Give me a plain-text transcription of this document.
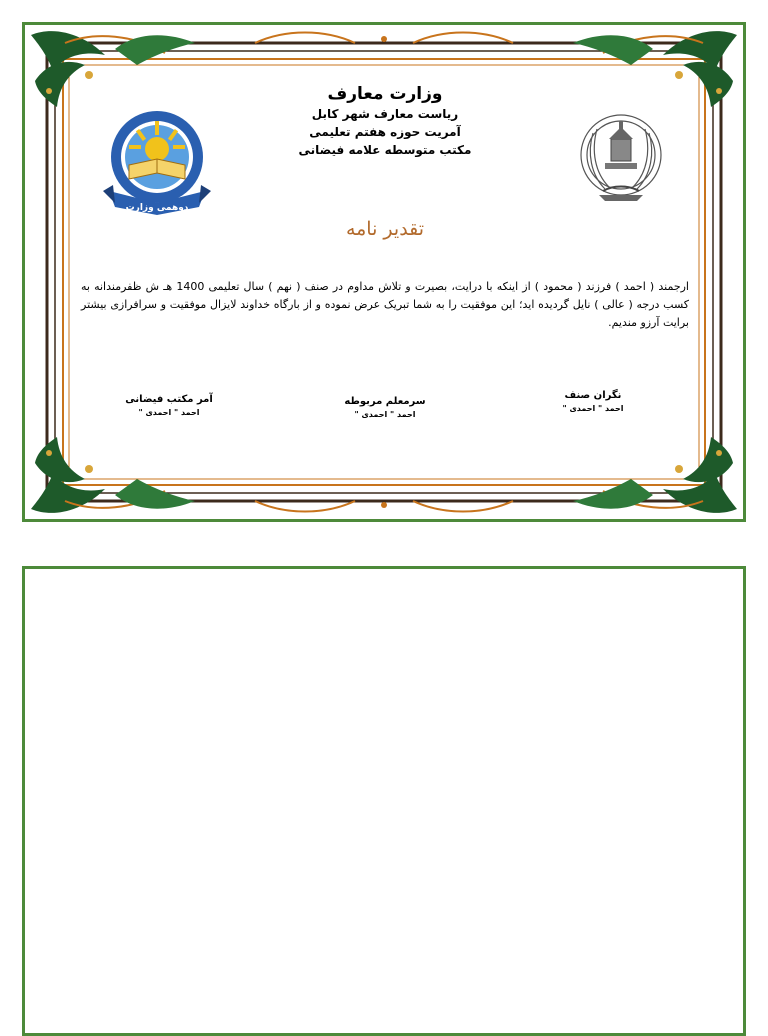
دوهمی وزارت
وزارت معارف
ریاست معارف شهر کابل
آمریت حوزه هفتم تعلیمی
مکتب متوسطه علامه فیضانی
تقدیر نامه
ارجمند ( احمد ) فرزند ( محمود ) از اینکه با درایت، بصیرت و تلاش مداوم در صنف ( نهم ) سال تعلیمی 1400 هـ ش ظفرمندانه به کسب درجه ( عالی ) نایل گردیده اید؛ این موفقیت را به شما تبریک عرض نموده و از بارگاه خداوند لایزال موفقیت و سرافرازی بیشتر برایت آرزو مندیم.
نگران صنف
احمد " احمدی "
سرمعلم مربوطه
احمد " احمدی "
آمر مکتب فیضانی
احمد " احمدی "
